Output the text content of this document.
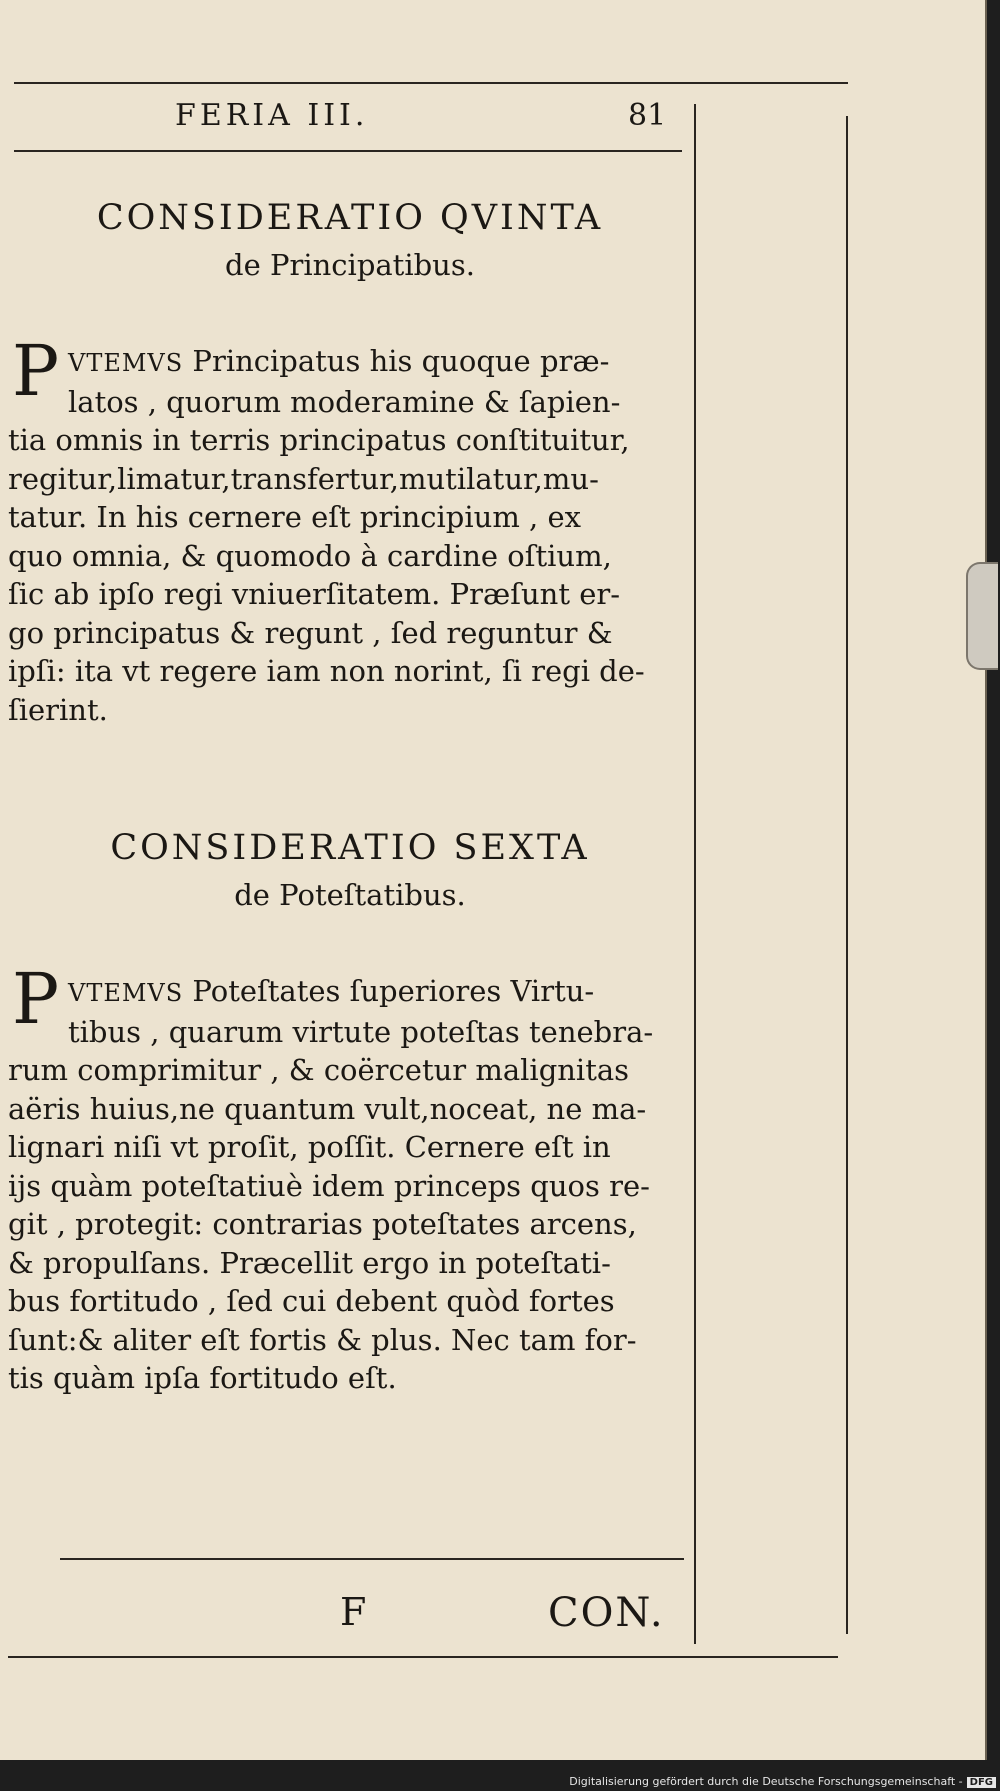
FERIA III.	81
CONSIDERATIO QVINTA
de Principatibus.
P VTEMVS Principatus his quoque præ-
latos , quorum moderamine & ſapien-
tia omnis in terris principatus conſtituitur,
regitur,limatur,transfertur,mutilatur,mu-
tatur. In his cernere eſt principium , ex
quo omnia, & quomodo à cardine oſtium,
ſic ab ipſo regi vniuerſitatem. Præſunt er-
go principatus & regunt , ſed reguntur &
ipſi: ita vt regere iam non norint, ſi regi de-
ſierint.
CONSIDERATIO SEXTA
de Poteſtatibus.
P VTEMVS Poteſtates ſuperiores Virtu-
tibus , quarum virtute poteſtas tenebra-
rum comprimitur , & coërcetur malignitas
aëris huius,ne quantum vult,noceat, ne ma-
lignari niſi vt proſit, poſſit. Cernere eſt in
ijs quàm poteſtatiuè idem princeps quos re-
git , protegit: contrarias poteſtates arcens,
& propulſans. Præcellit ergo in poteſtati-
bus fortitudo , ſed cui debent quòd fortes
ſunt:& aliter eſt fortis & plus. Nec tam for-
tis quàm ipſa fortitudo eſt.
F	CON.
Digitalisierung gefördert durch die Deutsche Forschungsgemeinschaft - DFG
